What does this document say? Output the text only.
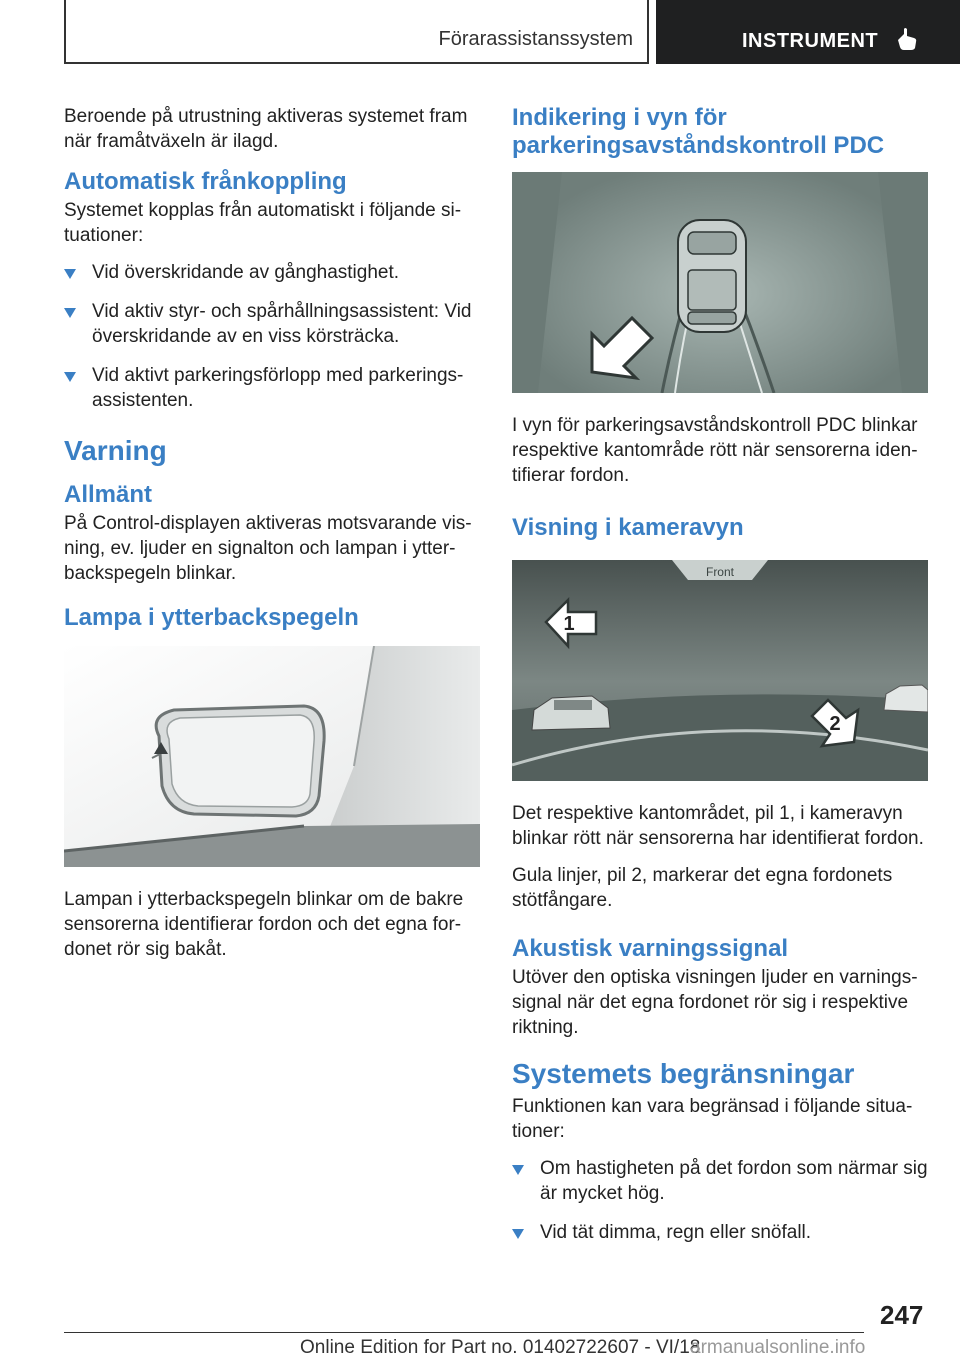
Förarassistanssystem	INSTRUMENT

Beroende på utrustning aktiveras systemet fram när framåtväxeln är ilagd.

Automatisk frånkoppling

Systemet kopplas från automatiskt i följande si-tuationer:

Vid överskridande av gånghastighet.
Vid aktiv styr- och spårhållningsassistent: Vid överskridande av en viss körsträcka.
Vid aktivt parkeringsförlopp med parkerings-assistenten.
Varning
Allmänt

På Control-displayen aktiveras motsvarande vis-ning, ev. ljuder en signalton och lampan i ytter-backspegeln blinkar.

Lampa i ytterbackspegeln

Lampan i ytterbackspegeln blinkar om de bakre sensorerna identifierar fordon och det egna for-donet rör sig bakåt.

Indikering i vyn för parkeringsavståndskontroll PDC

I vyn för parkeringsavståndskontroll PDC blinkar respektive kantområde rött när sensorerna iden-tifierar fordon.

Visning i kameravyn
Front
1
2

Det respektive kantområdet, pil 1, i kameravyn blinkar rött när sensorerna har identifierat fordon.

Gula linjer, pil 2, markerar det egna fordonets stötfångare.

Akustisk varningssignal

Utöver den optiska visningen ljuder en varnings-signal när det egna fordonet rör sig i respektive riktning.

Systemets begränsningar

Funktionen kan vara begränsad i följande situa-tioner:

Om hastigheten på det fordon som närmar sig är mycket hög.
Vid tät dimma, regn eller snöfall.
247
Online Edition for Part no. 01402722607 - VI/18
armanualsonline.info
